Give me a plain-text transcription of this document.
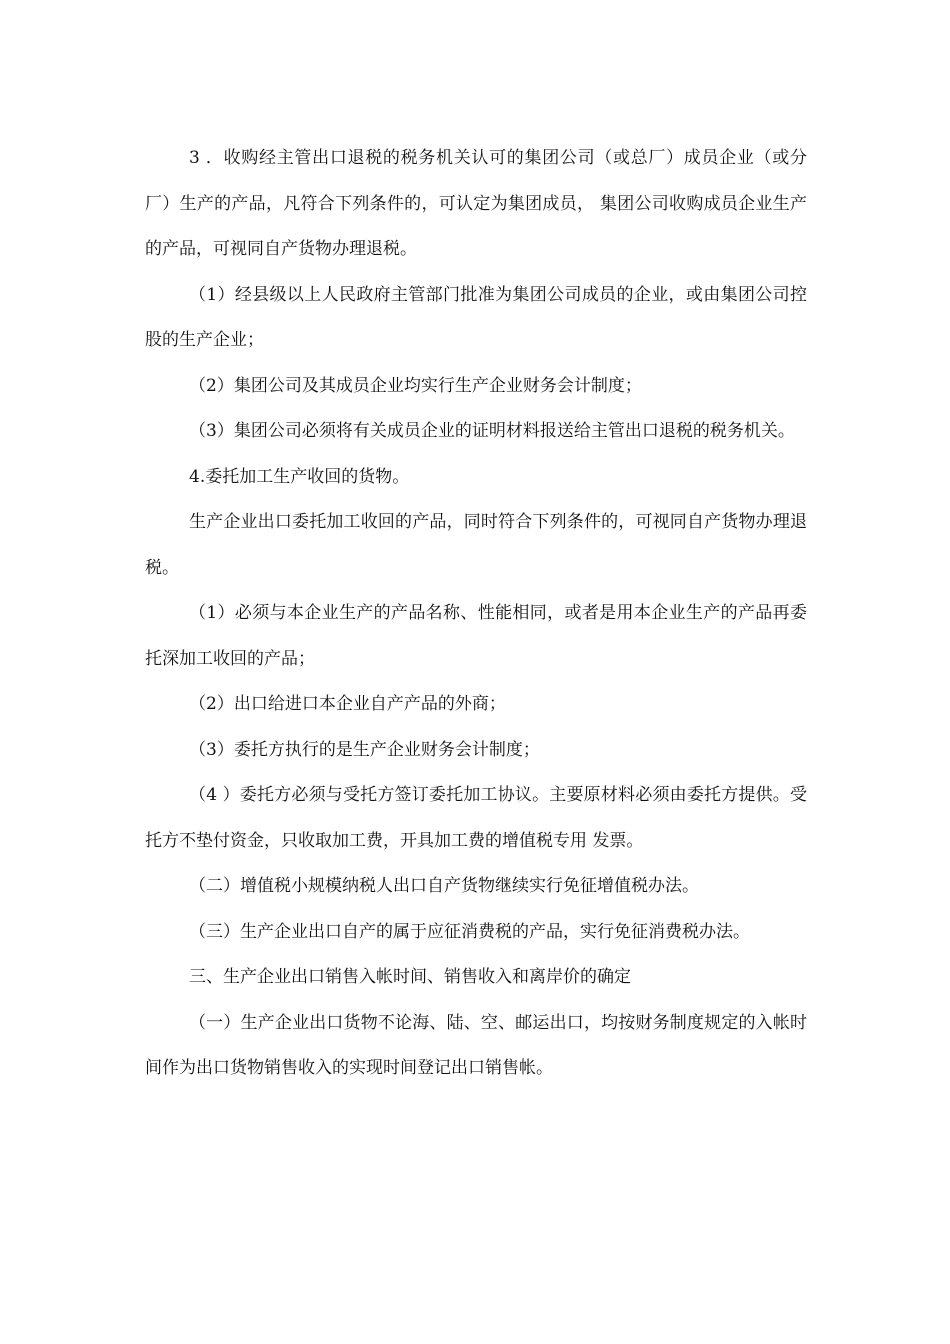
3 ．收购经主管出口退税的税务机关认可的集团公司（或总厂）成员企业（或分厂）生产的产品，凡符合下列条件的，可认定为集团成员， 集团公司收购成员企业生产的产品，可视同自产货物办理退税。

（1）经县级以上人民政府主管部门批准为集团公司成员的企业，或由集团公司控股的生产企业；

（2）集团公司及其成员企业均实行生产企业财务会计制度；

（3）集团公司必须将有关成员企业的证明材料报送给主管出口退税的税务机关。

4.委托加工生产收回的货物。

生产企业出口委托加工收回的产品，同时符合下列条件的，可视同自产货物办理退税。

（1）必须与本企业生产的产品名称、性能相同，或者是用本企业生产的产品再委托深加工收回的产品；

（2）出口给进口本企业自产产品的外商；

（3）委托方执行的是生产企业财务会计制度；

（4 ）委托方必须与受托方签订委托加工协议。主要原材料必须由委托方提供。受托方不垫付资金，只收取加工费，开具加工费的增值税专用 发票。

（二）增值税小规模纳税人出口自产货物继续实行免征增值税办法。

（三）生产企业出口自产的属于应征消费税的产品，实行免征消费税办法。

三、生产企业出口销售入帐时间、销售收入和离岸价的确定

（一）生产企业出口货物不论海、陆、空、邮运出口，均按财务制度规定的入帐时间作为出口货物销售收入的实现时间登记出口销售帐。
